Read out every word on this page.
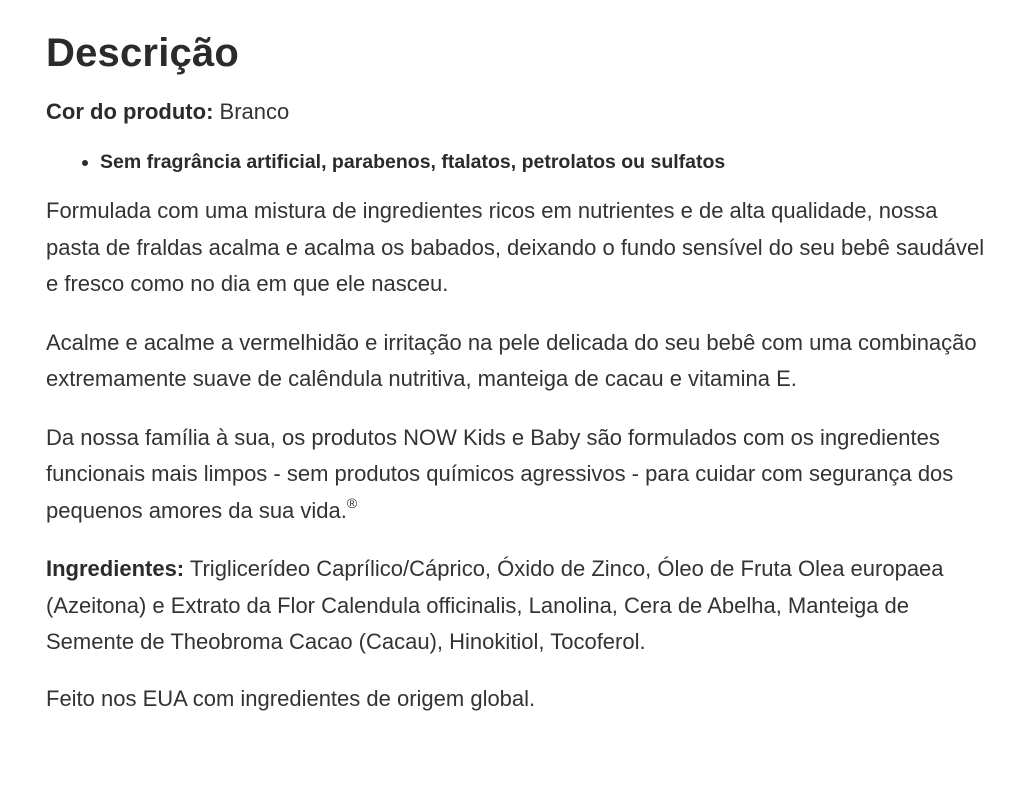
Descrição
Cor do produto: Branco
• Sem fragrância artificial, parabenos, ftalatos, petrolatos ou sulfatos

Formulada com uma mistura de ingredientes ricos em nutrientes e de alta qualidade, nossa pasta de fraldas acalma e acalma os babados, deixando o fundo sensível do seu bebê saudável e fresco como no dia em que ele nasceu.

Acalme e acalme a vermelhidão e irritação na pele delicada do seu bebê com uma combinação extremamente suave de calêndula nutritiva, manteiga de cacau e vitamina E.

Da nossa família à sua, os produtos NOW Kids e Baby são formulados com os ingredientes funcionais mais limpos - sem produtos químicos agressivos - para cuidar com segurança dos pequenos amores da sua vida.®

Ingredientes: Triglicerídeo Caprílico/Cáprico, Óxido de Zinco, Óleo de Fruta Olea europaea (Azeitona) e Extrato da Flor Calendula officinalis, Lanolina, Cera de Abelha, Manteiga de Semente de Theobroma Cacao (Cacau), Hinokitiol, Tocoferol.

Feito nos EUA com ingredientes de origem global.
